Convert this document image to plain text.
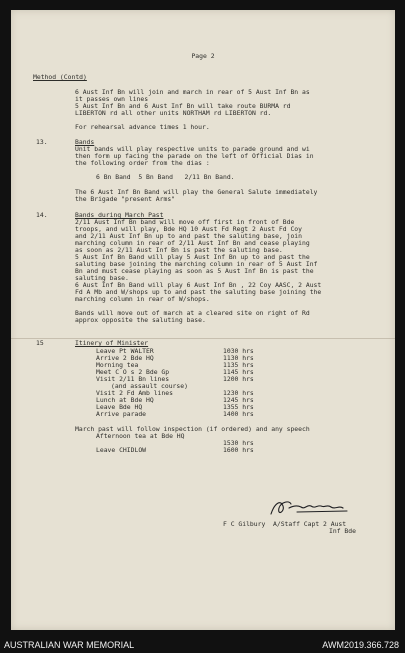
Page 2
Method (Contd)
6 Aust Inf Bn will join and march in rear of 5 Aust Inf Bn as
it passes own lines
5 Aust Inf Bn and 6 Aust Inf Bn will take route BURMA rd
LIBERTON rd all other units NORTHAM rd LIBERTON rd.
For rehearsal advance times 1 hour.
13.	Bands
Unit bands will play respective units to parade ground and wi
then form up facing the parade on the left of Official Dias in
the following order from the dias :
6 Bn Band  5 Bn Band   2/11 Bn Band.
The 6 Aust Inf Bn Band will play the General Salute immediately
the Brigade "present Arms"
14.	Bands during March Past
2/11 Aust Inf Bn band will move off first in front of Bde
troops, and will play, Bde HQ 10 Aust Fd Regt 2 Aust Fd Coy
and 2/11 Aust Inf Bn up to and past the saluting base, join
marching column in rear of 2/11 Aust Inf Bn and cease playing
as soon as 2/11 Aust Inf Bn is past the saluting base.
5 Aust Inf Bn Band will play 5 Aust Inf Bn up to and past the
saluting base joining the marching column in rear of 5 Aust Inf
Bn and must cease playing as soon as 5 Aust Inf Bn is past the
saluting base.
6 Aust Inf Bn Band will play 6 Aust Inf Bn , 22 Coy AASC, 2 Aust
Fd A Mb and W/shops up to and past the saluting base joining the
marching column in rear of W/shops.
Bands will move out of march at a cleared site on right of Rd
approx opposite the saluting base.
15	Itinery of Minister
Leave Pt WALTER	1030 hrs
Arrive 2 Bde HQ	1130 hrs
Morning tea	1135 hrs
Meet C O s 2 Bde Gp	1145 hrs
Visit 2/11 Bn lines	1200 hrs
(and assault course)
Visit 2 Fd Amb lines	1230 hrs
Lunch at Bde HQ	1245 hrs
Leave Bde HQ	1355 hrs
Arrive parade	1400 hrs
March past will follow inspection (if ordered) and any speech
Afternoon tea at Bde HQ
1530 hrs
Leave CHIDLOW	1600 hrs
F C Gilbury  A/Staff Capt 2 Aust
Inf Bde
AUSTRALIAN WAR MEMORIAL	AWM2019.366.728
